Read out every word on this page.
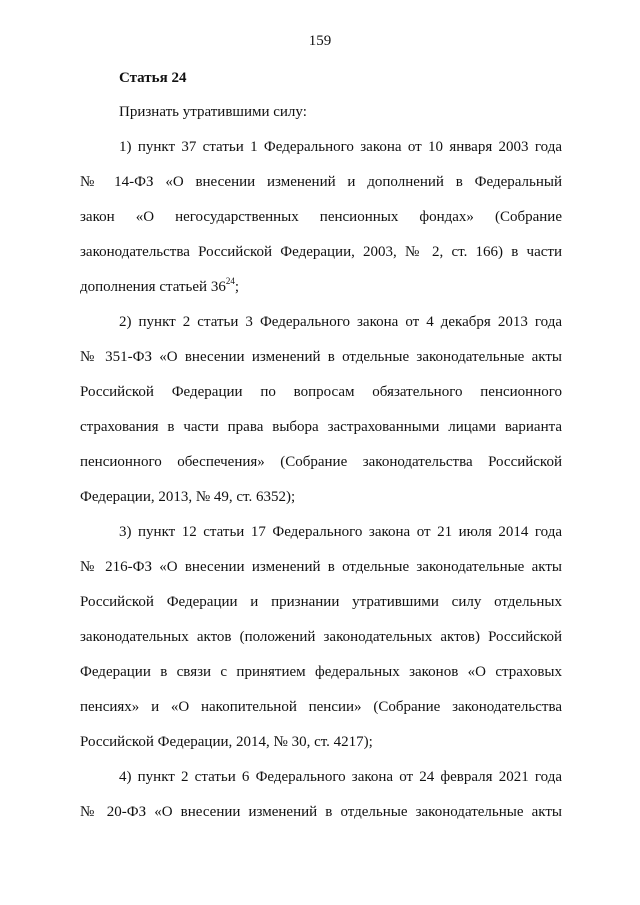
159
Статья 24
Признать утратившими силу:
1) пункт 37 статьи 1 Федерального закона от 10 января 2003 года
№ 14-ФЗ «О внесении изменений и дополнений в Федеральный
закон «О негосударственных пенсионных фондах» (Собрание
законодательства Российской Федерации, 2003, № 2, ст. 166) в части
дополнения статьей $36^{24}$;
2) пункт 2 статьи 3 Федерального закона от 4 декабря 2013 года
№ 351-ФЗ «О внесении изменений в отдельные законодательные акты
Российской Федерации по вопросам обязательного пенсионного
страхования в части права выбора застрахованными лицами варианта
пенсионного обеспечения» (Собрание законодательства Российской
Федерации, 2013, № 49, ст. 6352);
3) пункт 12 статьи 17 Федерального закона от 21 июля 2014 года
№ 216-ФЗ «О внесении изменений в отдельные законодательные акты
Российской Федерации и признании утратившими силу отдельных
законодательных актов (положений законодательных актов) Российской
Федерации в связи с принятием федеральных законов «О страховых
пенсиях» и «О накопительной пенсии» (Собрание законодательства
Российской Федерации, 2014, № 30, ст. 4217);
4) пункт 2 статьи 6 Федерального закона от 24 февраля 2021 года
№ 20-ФЗ «О внесении изменений в отдельные законодательные акты
